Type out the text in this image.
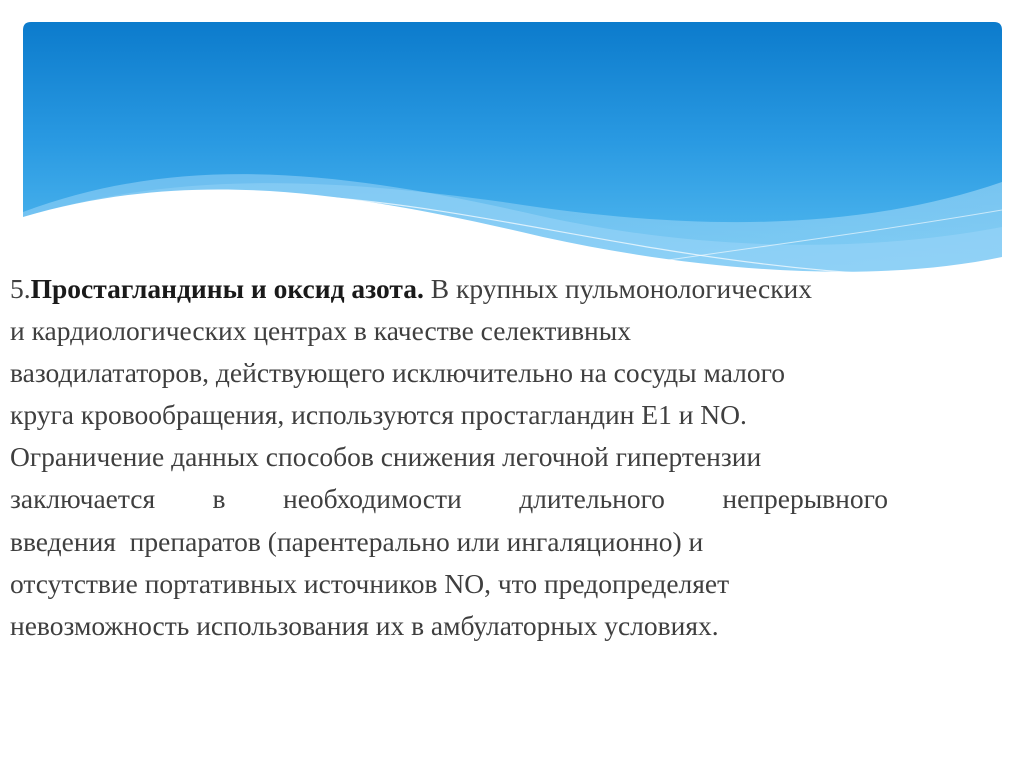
5.Простагландины и оксид азота. В крупных пульмонологических
и кардиологических центрах в качестве селективных
вазодилататоров, действующего исключительно на сосуды малого
круга кровообращения, используются простагландин Е1 и NO.
Ограничение данных способов снижения легочной гипертензии
заключается в необходимости длительного непрерывного
введения  препаратов (парентерально или ингаляционно) и
отсутствие портативных источников NO, что предопределяет
невозможность использования их в амбулаторных условиях.
